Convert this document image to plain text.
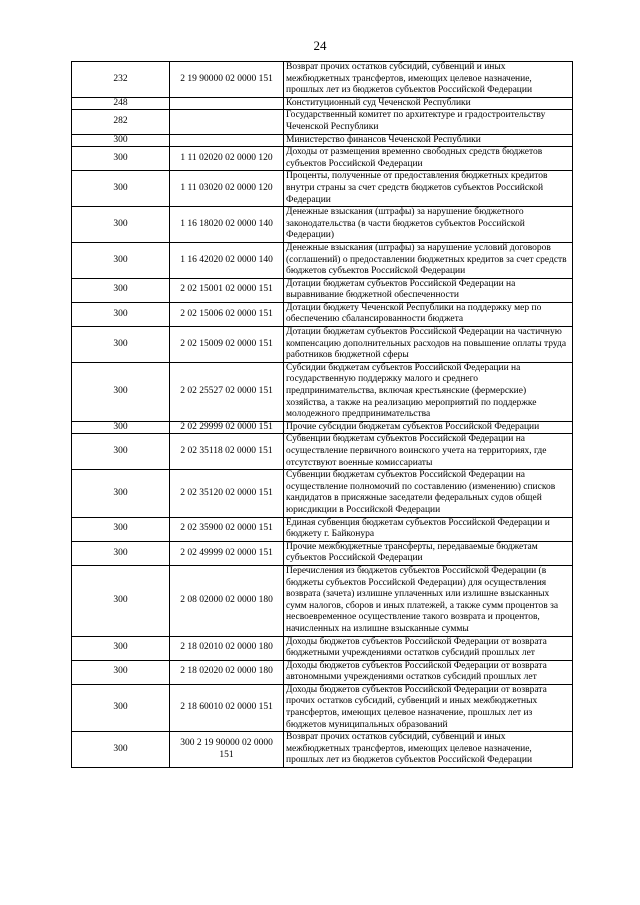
24
232	2 19 90000 02 0000 151	Возврат прочих остатков субсидий, субвенций и иных межбюджетных трансфертов, имеющих целевое назначение, прошлых лет из бюджетов субъектов Российской Федерации
248		Конституционный суд Чеченской Республики
282		Государственный комитет по архитектуре и градостроительству Чеченской Республики
300		Министерство финансов Чеченской Республики
300	1 11 02020 02 0000 120	Доходы от размещения временно свободных средств бюджетов субъектов Российской Федерации
300	1 11 03020 02 0000 120	Проценты, полученные от предоставления бюджетных кредитов внутри страны за счет средств бюджетов субъектов Российской Федерации
300	1 16 18020 02 0000 140	Денежные взыскания (штрафы) за нарушение бюджетного законодательства (в части бюджетов субъектов Российской Федерации)
300	1 16 42020 02 0000 140	Денежные взыскания (штрафы) за нарушение условий договоров (соглашений) о предоставлении бюджетных кредитов за счет средств бюджетов субъектов Российской Федерации
300	2 02 15001 02 0000 151	Дотации бюджетам субъектов Российской Федерации на выравнивание бюджетной обеспеченности
300	2 02 15006 02 0000 151	Дотации бюджету Чеченской Республики на поддержку мер по обеспечению сбалансированности бюджета
300	2 02 15009 02 0000 151	Дотации бюджетам субъектов Российской Федерации на частичную компенсацию дополнительных расходов на повышение оплаты труда работников бюджетной сферы
300	2 02 25527 02 0000 151	Субсидии бюджетам субъектов Российской Федерации на государственную поддержку малого и среднего предпринимательства, включая крестьянские (фермерские) хозяйства, а также на реализацию мероприятий по поддержке молодежного предпринимательства
300	2 02 29999 02 0000 151	Прочие субсидии бюджетам субъектов Российской Федерации
300	2 02 35118 02 0000 151	Субвенции бюджетам субъектов Российской Федерации на осуществление первичного воинского учета на территориях, где отсутствуют военные комиссариаты
300	2 02 35120 02 0000 151	Субвенции бюджетам субъектов Российской Федерации на осуществление полномочий по составлению (изменению) списков кандидатов в присяжные заседатели федеральных судов общей юрисдикции в Российской Федерации
300	2 02 35900 02 0000 151	Единая субвенция бюджетам субъектов Российской Федерации и бюджету г. Байконура
300	2 02 49999 02 0000 151	Прочие межбюджетные трансферты, передаваемые бюджетам субъектов Российской Федерации
300	2 08 02000 02 0000 180	Перечисления из бюджетов субъектов Российской Федерации (в бюджеты субъектов Российской Федерации) для осуществления возврата (зачета) излишне уплаченных или излишне взысканных сумм налогов, сборов и иных платежей, а также сумм процентов за несвоевременное осуществление такого возврата и процентов, начисленных на излишне взысканные суммы
300	2 18 02010 02 0000 180	Доходы бюджетов субъектов Российской Федерации от возврата бюджетными учреждениями остатков субсидий прошлых лет
300	2 18 02020 02 0000 180	Доходы бюджетов субъектов Российской Федерации от возврата автономными учреждениями остатков субсидий прошлых лет
300	2 18 60010 02 0000 151	Доходы бюджетов субъектов Российской Федерации от возврата прочих остатков субсидий, субвенций и иных межбюджетных трансфертов, имеющих целевое назначение, прошлых лет из бюджетов муниципальных образований
300	300 2 19 90000 02 0000 151	Возврат прочих остатков субсидий, субвенций и иных межбюджетных трансфертов, имеющих целевое назначение, прошлых лет из бюджетов субъектов Российской Федерации
